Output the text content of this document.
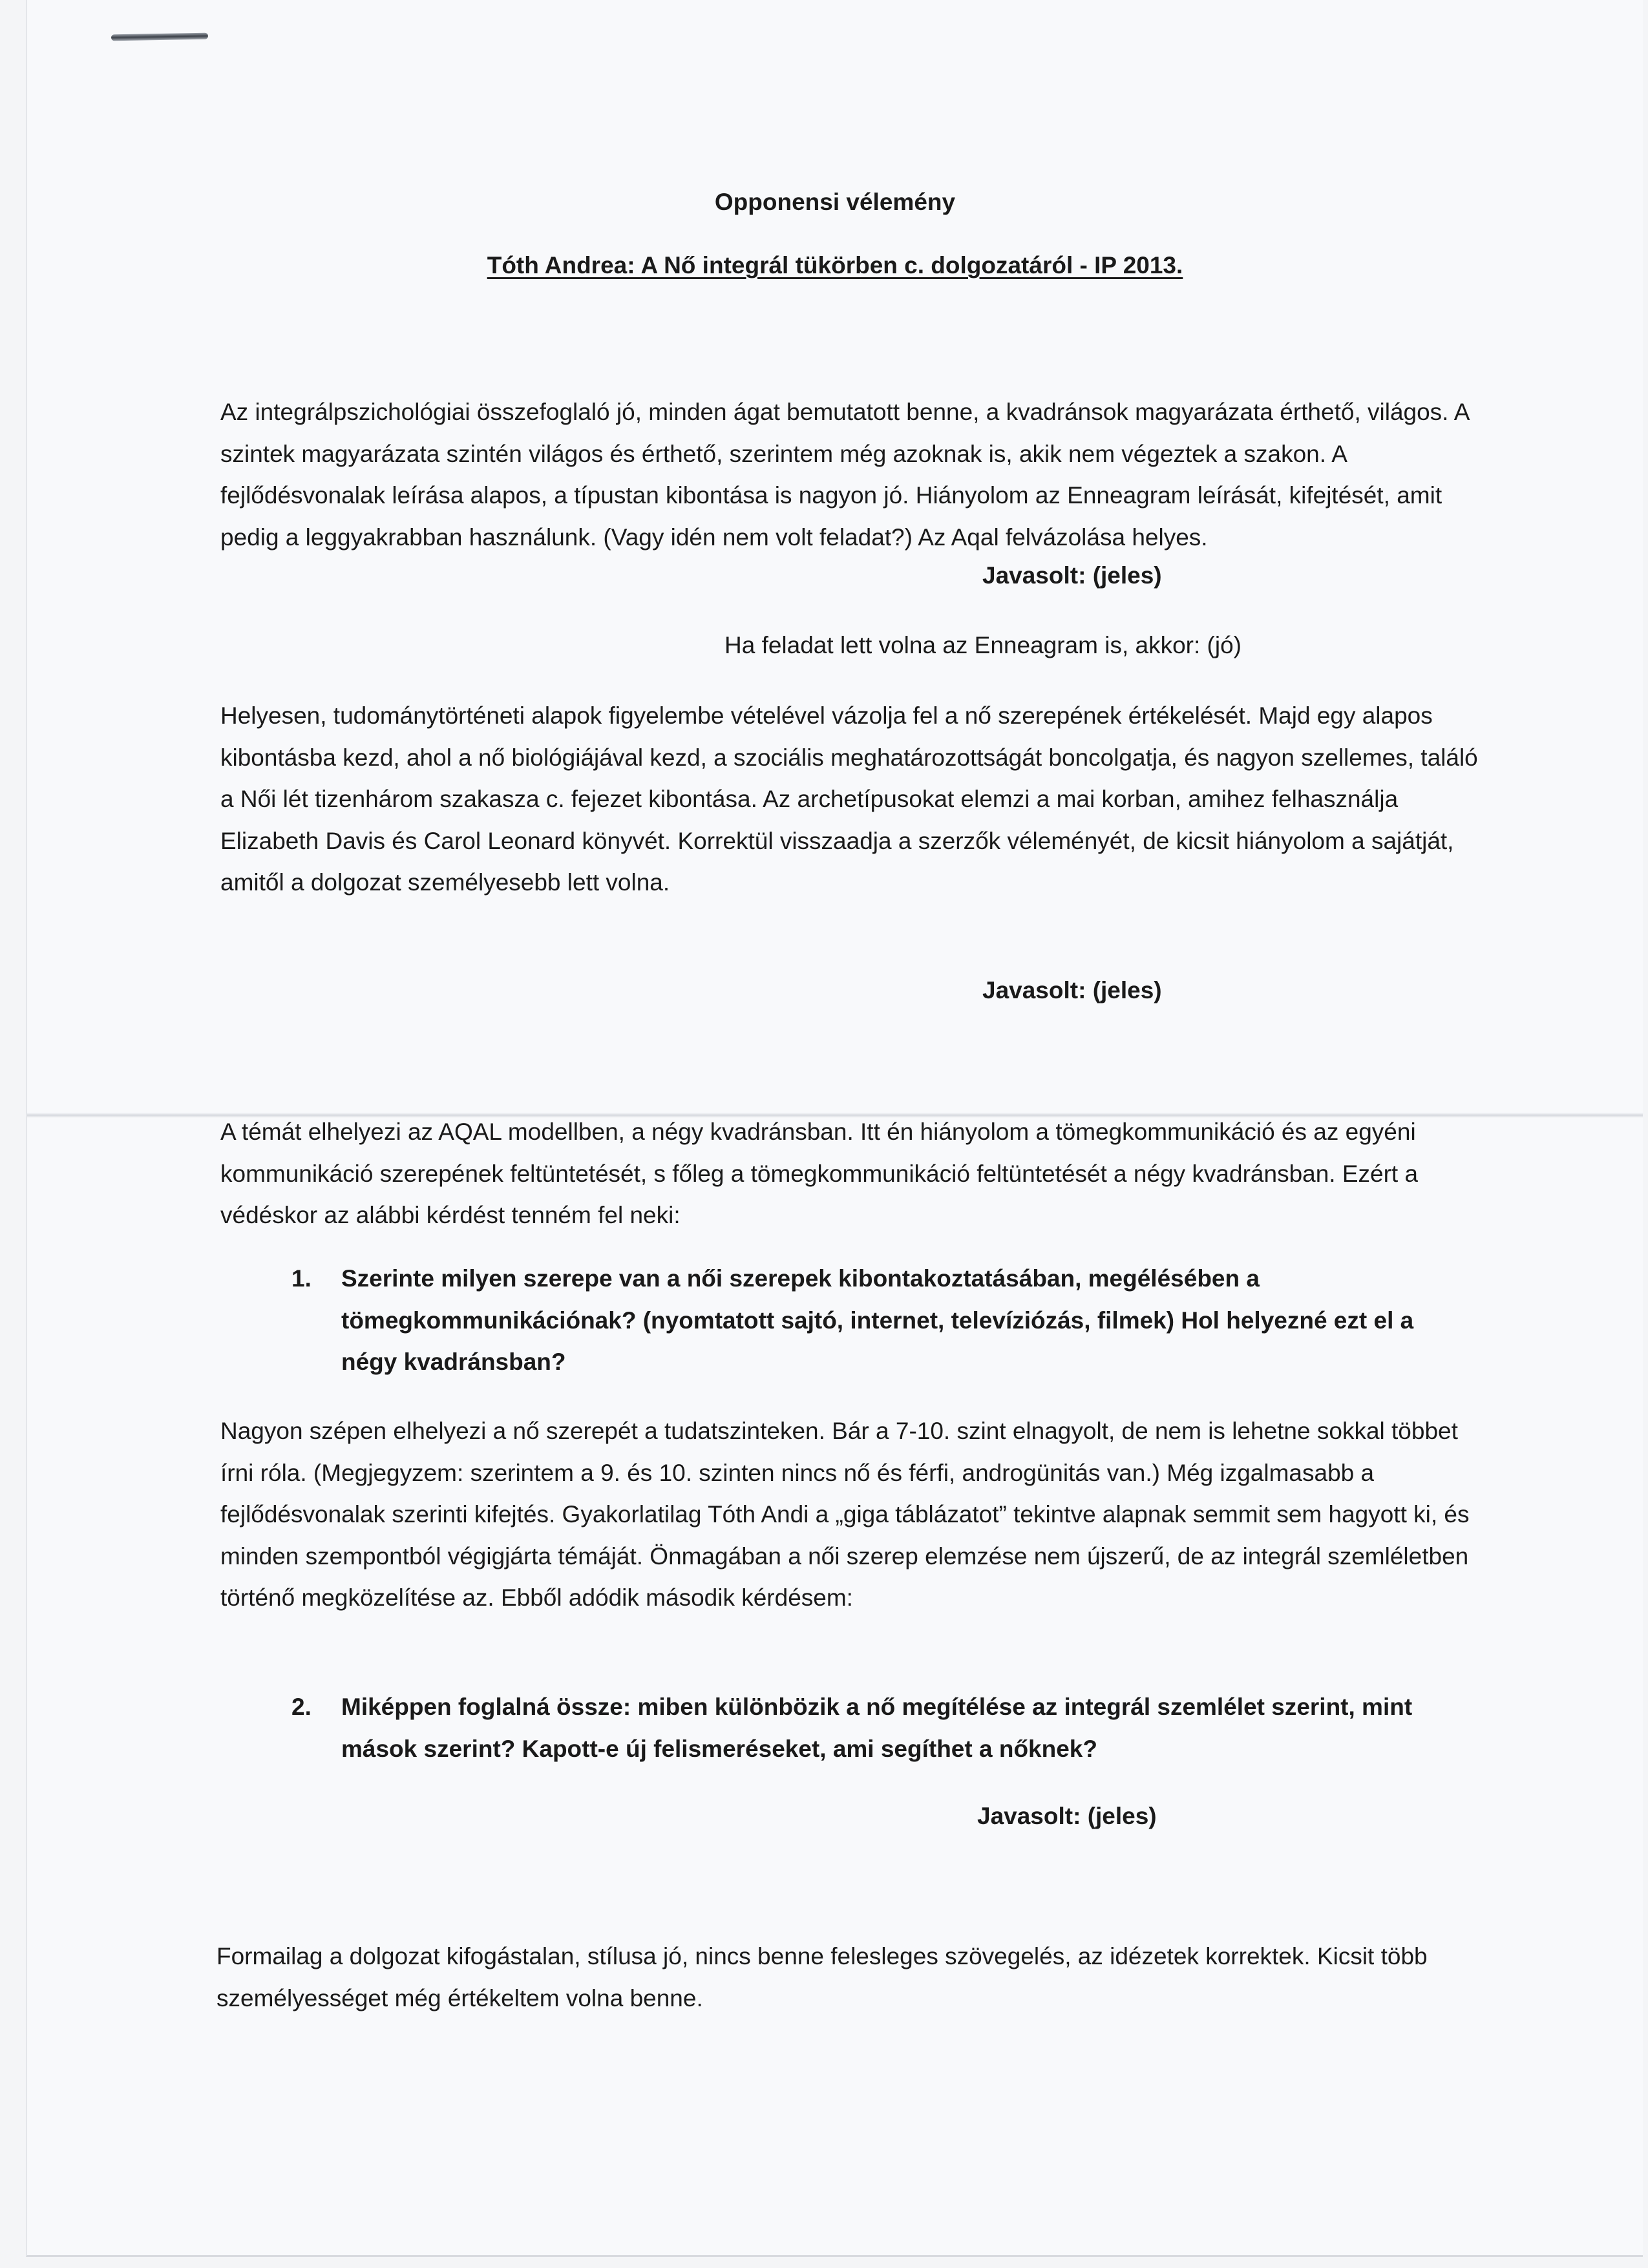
Opponensi vélemény
Tóth Andrea: A Nő integrál tükörben c. dolgozatáról - IP 2013.

Az integrálpszichológiai összefoglaló jó, minden ágat bemutatott benne, a kvadránsok magyarázata érthető, világos. A szintek magyarázata szintén világos és érthető, szerintem még azoknak is, akik nem végeztek a szakon. A fejlődésvonalak leírása alapos, a típustan kibontása is nagyon jó. Hiányolom az Enneagram leírását, kifejtését, amit pedig a leggyakrabban használunk. (Vagy idén nem volt feladat?) Az Aqal felvázolása helyes.

Javasolt: (jeles)

Ha feladat lett volna az Enneagram is, akkor: (jó)

Helyesen, tudománytörténeti alapok figyelembe vételével vázolja fel a nő szerepének értékelését. Majd egy alapos kibontásba kezd, ahol a nő biológiájával kezd, a szociális meghatározottságát boncolgatja, és nagyon szellemes, találó a Női lét tizenhárom szakasza c. fejezet kibontása. Az archetípusokat elemzi a mai korban, amihez felhasználja Elizabeth Davis és Carol Leonard könyvét. Korrektül visszaadja a szerzők véleményét, de kicsit hiányolom a sajátját, amitől a dolgozat személyesebb lett volna.

Javasolt: (jeles)

A témát elhelyezi az AQAL modellben, a négy kvadránsban. Itt én hiányolom a tömegkommunikáció és az egyéni kommunikáció szerepének feltüntetését, s főleg a tömegkommunikáció feltüntetését a négy kvadránsban. Ezért a védéskor az alábbi kérdést tenném fel neki:

1.	Szerinte milyen szerepe van a női szerepek kibontakoztatásában, megélésében a tömegkommunikációnak? (nyomtatott sajtó, internet, televíziózás, filmek) Hol helyezné ezt el a négy kvadránsban?

Nagyon szépen elhelyezi a nő szerepét a tudatszinteken. Bár a 7-10. szint elnagyolt, de nem is lehetne sokkal többet írni róla. (Megjegyzem: szerintem a 9. és 10. szinten nincs nő és férfi, androgünitás van.) Még izgalmasabb a fejlődésvonalak szerinti kifejtés. Gyakorlatilag Tóth Andi a „giga táblázatot” tekintve alapnak semmit sem hagyott ki, és minden szempontból végigjárta témáját. Önmagában a női szerep elemzése nem újszerű, de az integrál szemléletben történő megközelítése az. Ebből adódik második kérdésem:

2.	Miképpen foglalná össze: miben különbözik a nő megítélése az integrál szemlélet szerint, mint mások szerint? Kapott-e új felismeréseket, ami segíthet a nőknek?

Javasolt: (jeles)

Formailag a dolgozat kifogástalan, stílusa jó, nincs benne felesleges szövegelés, az idézetek korrektek. Kicsit több személyességet még értékeltem volna benne.
